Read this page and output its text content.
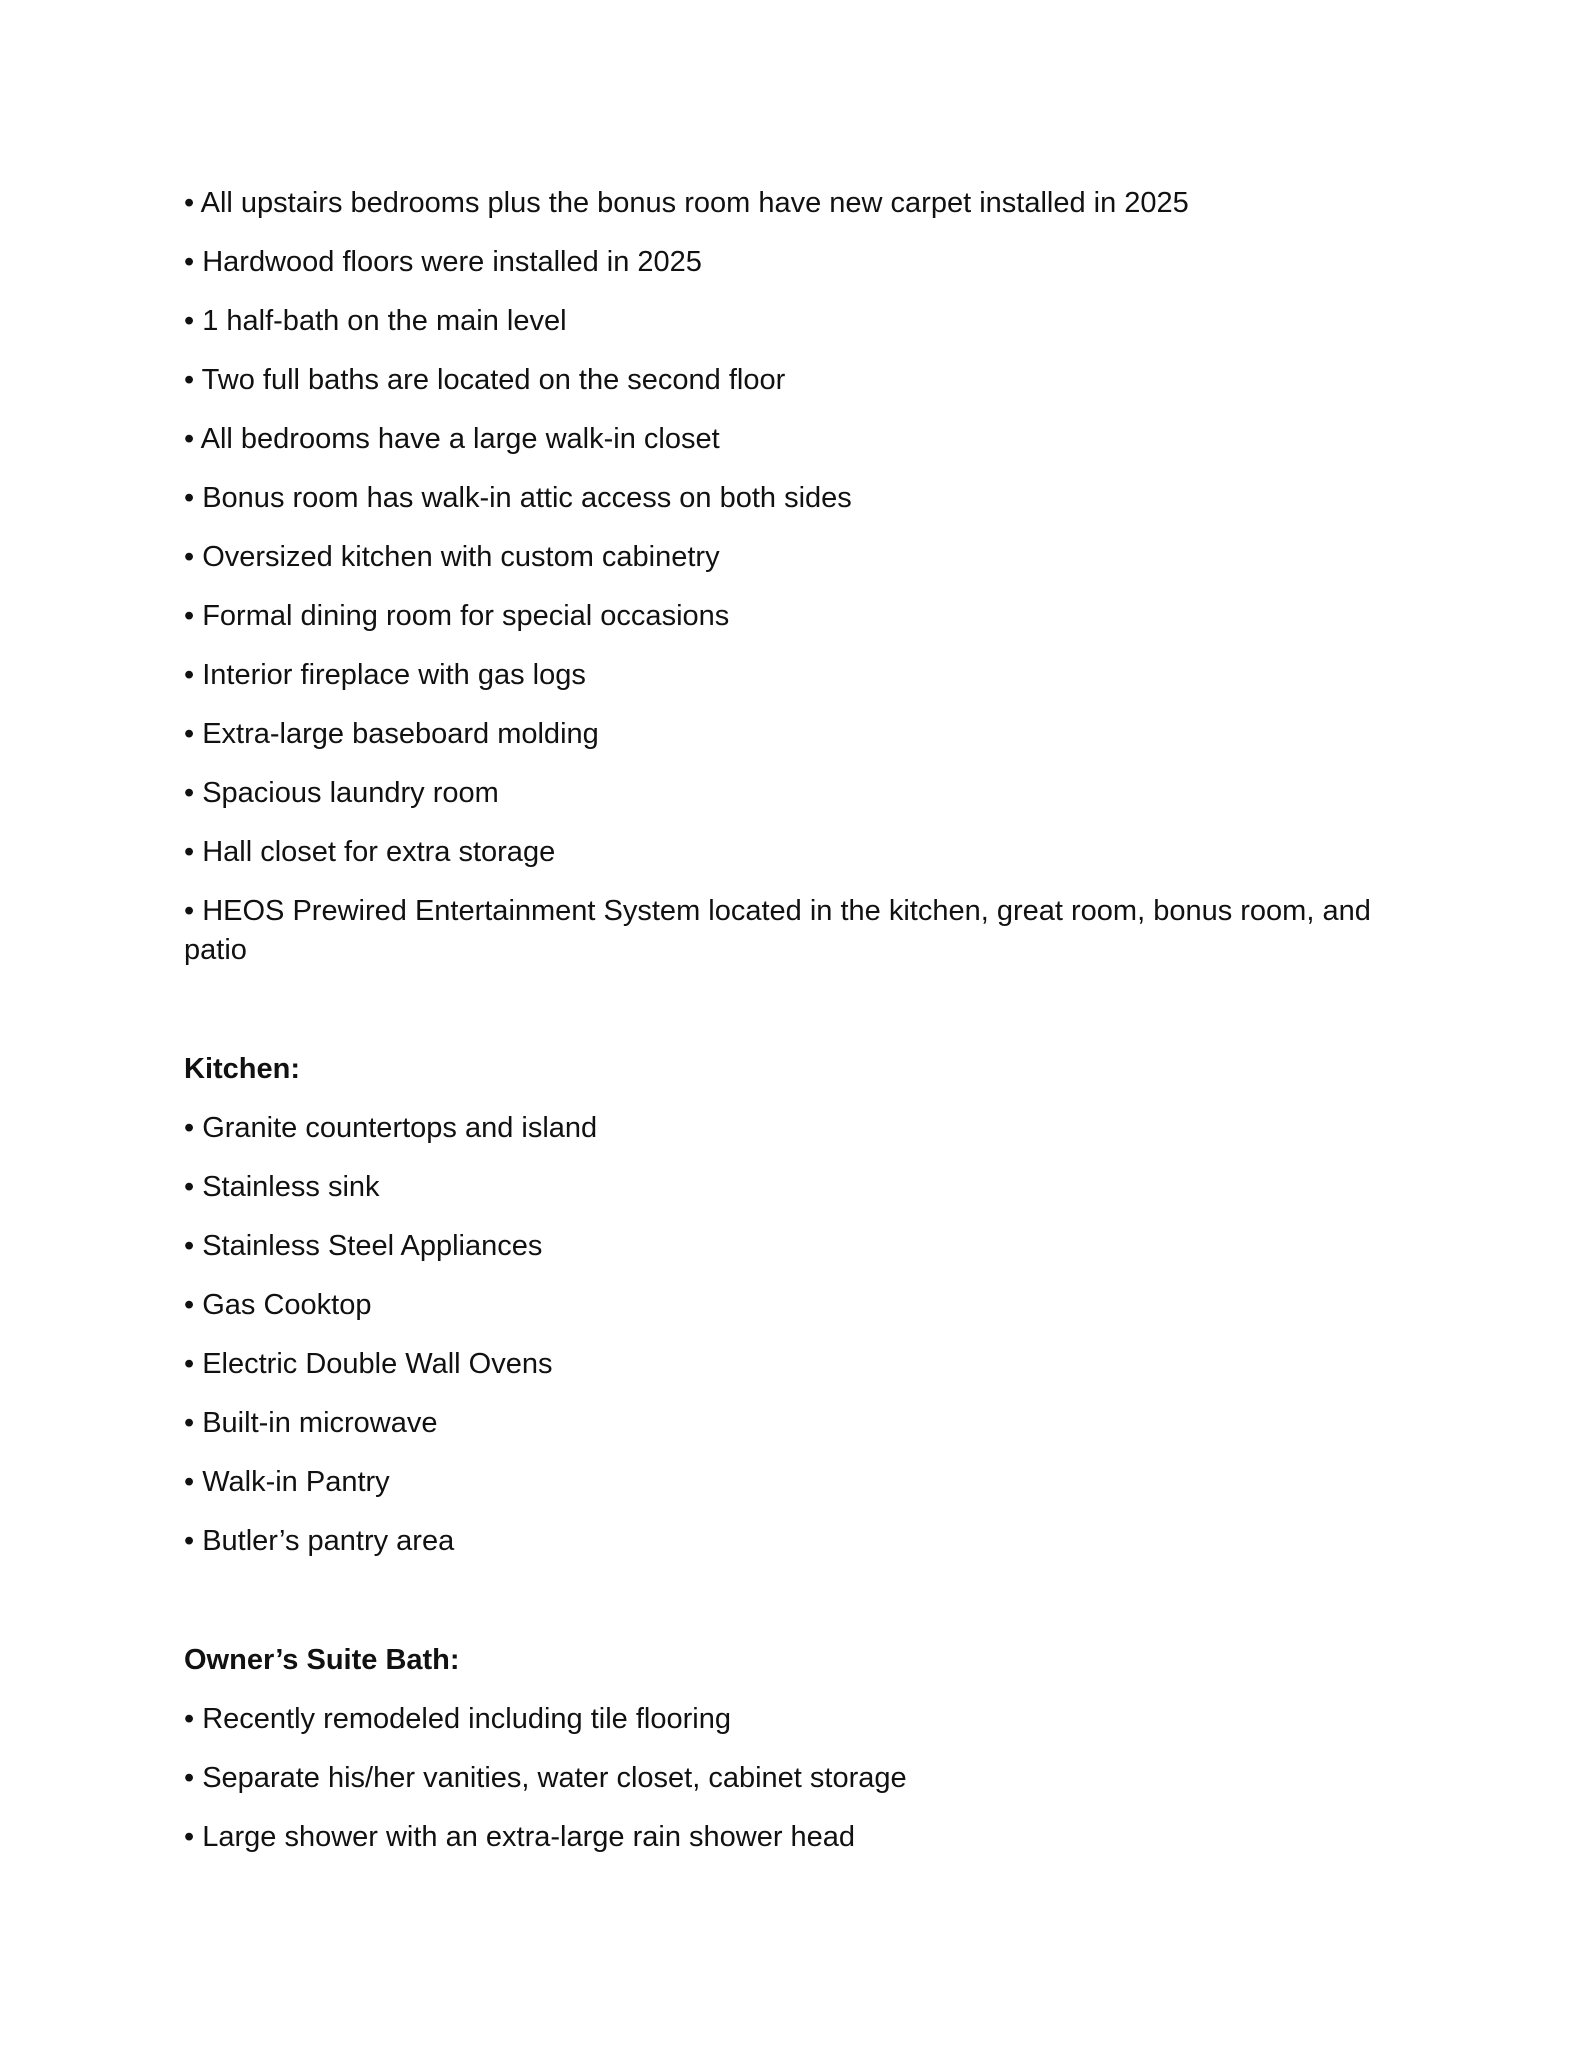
• All upstairs bedrooms plus the bonus room have new carpet installed in 2025

• Hardwood floors were installed in 2025

• 1 half-bath on the main level

• Two full baths are located on the second floor

• All bedrooms have a large walk-in closet

• Bonus room has walk-in attic access on both sides

• Oversized kitchen with custom cabinetry

• Formal dining room for special occasions

• Interior fireplace with gas logs

• Extra-large baseboard molding

• Spacious laundry room

• Hall closet for extra storage

• HEOS Prewired Entertainment System located in the kitchen, great room, bonus room, and patio

Kitchen:

• Granite countertops and island

• Stainless sink

• Stainless Steel Appliances

• Gas Cooktop

• Electric Double Wall Ovens

• Built-in microwave

• Walk-in Pantry

• Butler’s pantry area

Owner’s Suite Bath:

• Recently remodeled including tile flooring

• Separate his/her vanities, water closet, cabinet storage

• Large shower with an extra-large rain shower head
